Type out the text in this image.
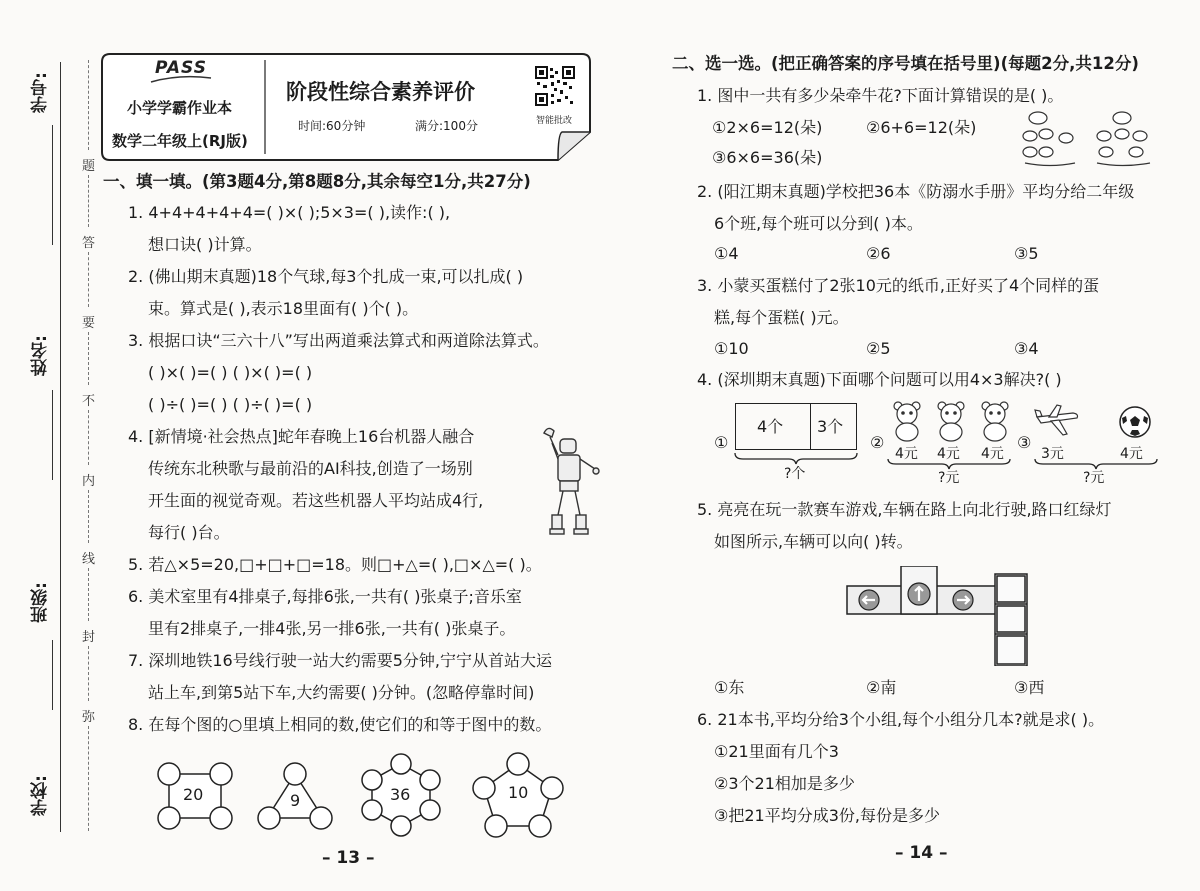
学号:
姓名:
班级:
学校:
题
答
要
不
内
线
封
弥
PASS
小学学霸作业本
数学二年级上(RJ版)
阶段性综合素养评价
时间:60分钟	满分:100分	智能批改
一、填一填。(第3题4分,第8题8分,其余每空1分,共27分)
1. 4+4+4+4+4=( )×( );5×3=( ),读作:( ),
想口诀( )计算。
2. (佛山期末真题)18个气球,每3个扎成一束,可以扎成( )
束。算式是( ),表示18里面有( )个( )。
3. 根据口诀“三六十八”写出两道乘法算式和两道除法算式。
( )×( )=( ) ( )×( )=( )
( )÷( )=( ) ( )÷( )=( )
4. [新情境·社会热点]蛇年春晚上16台机器人融合
传统东北秧歌与最前沿的AI科技,创造了一场别
开生面的视觉奇观。若这些机器人平均站成4行,
每行( )台。
5. 若△×5=20,□+□+□=18。则□+△=( ),□×△=( )。
6. 美术室里有4排桌子,每排6张,一共有( )张桌子;音乐室
里有2排桌子,一排4张,另一排6张,一共有( )张桌子。
7. 深圳地铁16号线行驶一站大约需要5分钟,宁宁从首站大运
站上车,到第5站下车,大约需要( )分钟。(忽略停靠时间)
8. 在每个图的○里填上相同的数,使它们的和等于图中的数。
20	9	36	10
– 13 –
二、选一选。(把正确答案的序号填在括号里)(每题2分,共12分)
1. 图中一共有多少朵牵牛花?下面计算错误的是( )。
①2×6=12(朵)	②6+6=12(朵)
③6×6=36(朵)
2. (阳江期末真题)学校把36本《防溺水手册》平均分给二年级
6个班,每个班可以分到( )本。
①4	②6	③5
3. 小蒙买蛋糕付了2张10元的纸币,正好买了4个同样的蛋
糕,每个蛋糕( )元。
①10	②5	③4
4. (深圳期末真题)下面哪个问题可以用4×3解决?( )
①
4个 3个
?个
②
4元 4元 4元
?元
③
3元	4元
?元
5. 亮亮在玩一款赛车游戏,车辆在路上向北行驶,路口红绿灯
如图所示,车辆可以向( )转。
①东	②南	③西
6. 21本书,平均分给3个小组,每个小组分几本?就是求( )。
①21里面有几个3
②3个21相加是多少
③把21平均分成3份,每份是多少
– 14 –
